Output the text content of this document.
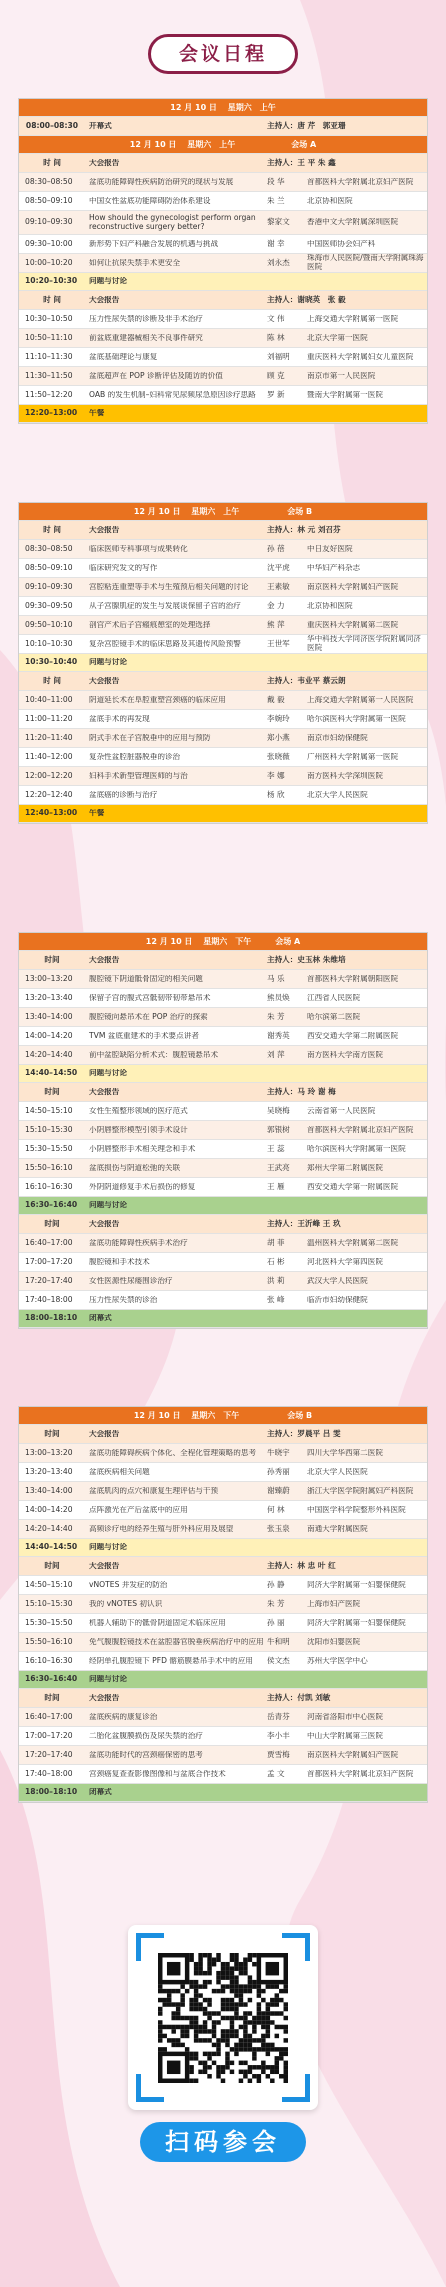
会议日程
12 月 10 日　 星期六　上午
08:00–08:30	开幕式	主持人：唐 芹　郭亚珊
12 月 10 日　 星期六　上午　　　　　　　会场 A
时 间	大会报告	主持人：王 平 朱 鑫
08:30–08:50	盆底功能障碍性疾病防治研究的现状与发展	段 华	首都医科大学附属北京妇产医院
08:50–09:10	中国女性盆底功能障碍防治体系建设	朱 兰	北京协和医院
09:10–09:30	How should the gynecologist perform organ reconstructive surgery better?	黎家文	香港中文大学附属深圳医院
09:30–10:00	新形势下妇产科融合发展的机遇与挑战	谢 幸	中国医师协会妇产科
10:00–10:20	如何让抗尿失禁手术更安全	刘永杰	珠海市人民医院/暨南大学附属珠海医院
10:20–10:30	问题与讨论
时 间	大会报告	主持人：谢晓英　张 毅
10:30–10:50	压力性尿失禁的诊断及非手术治疗	文 伟	上海交通大学附属第一医院
10:50–11:10	前盆底重建器械相关不良事件研究	陈 林	北京大学第一医院
11:10–11:30	盆底基础理论与康复	刘福明	重庆医科大学附属妇女儿童医院
11:30–11:50	盆底超声在 POP 诊断评估及随访的价值	顾 克	南京市第一人民医院
11:50–12:20	OAB 的发生机制–妇科常见尿频尿急原因诊疗思路	罗 新	暨南大学附属第一医院
12:20–13:00	午餐
12 月 10 日　 星期六　上午　　　　　　会场 B
时 间	大会报告	主持人：林 元 刘召芬
08:30–08:50	临床医师专科事项与成果转化	孙 蓓	中日友好医院
08:50–09:10	临床研究发文的写作	沈平虎	中华妇产科杂志
09:10–09:30	宫腔粘连重塑等手术与生殖预后相关问题的讨论	王素敏	南京医科大学附属妇产医院
09:30–09:50	从子宫腺肌症的发生与发展谈保留子宫的治疗	金 力	北京协和医院
09:50–10:10	剖宫产术后子宫瘢痕憩室的处理选择	熊 萍	重庆医科大学附属第二医院
10:10–10:30	复杂宫腔镜手术的临床思路及其遗传风险预警	王世军	华中科技大学同济医学院附属同济医院
10:30–10:40	问题与讨论
时 间	大会报告	主持人：韦业平 蔡云朗
10:40–11:00	阴道延长术在阜腔重塑宫颈癌的临床应用	戴 毅	上海交通大学附属第一人民医院
11:00–11:20	盆底手术的再发现	李婉玲	哈尔滨医科大学附属第一医院
11:20–11:40	阴式手术在子宫脱垂中的应用与预防	郑小燕	南京市妇幼保健院
11:40–12:00	复杂性盆腔脏器脱垂的诊治	张晓薇	广州医科大学附属第一医院
12:00–12:20	妇科手术新型管理医师的与治	李 娜	南方医科大学深圳医院
12:20–12:40	盆底癌的诊断与治疗	杨 欣	北京大学人民医院
12:40–13:00	午餐
12 月 10 日　 星期六　下午　　　会场 A
时间	大会报告	主持人：史玉林 朱维培
13:00–13:20	腹腔镜下阴道骶骨固定的相关问题	马 乐	首都医科大学附属朝阳医院
13:20–13:40	保留子宫的腹式宫骶韧带韧带悬吊术	熊员焕	江西省人民医院
13:40–14:00	腹腔镜向悬吊术在 POP 治疗的探索	朱 芳	哈尔滨第二医院
14:00–14:20	TVM 盆底重建术的手术要点讲者	谢秀英	西安交通大学第二附属医院
14:20–14:40	前中盆腔缺陷分析术式：腹腔镜悬吊术	刘 萍	南方医科大学南方医院
14:40–14:50	问题与讨论
时间	大会报告	主持人：马 玲 谢 梅
14:50–15:10	女性生殖整形领域的医疗范式	吴晓梅	云南省第一人民医院
15:10–15:30	小阴唇整形模型引领手术设计	郭银树	首都医科大学附属北京妇产医院
15:30–15:50	小阴唇整形手术相关理念和手术	王 蕊	哈尔滨医科大学附属第一医院
15:50–16:10	盆底损伤与阴道松弛的关联	王武亮	郑州大学第二附属医院
16:10–16:30	外阴阴道修复手术后损伤的修复	王 雁	西安交通大学第一附属医院
16:30–16:40	问题与讨论
时间	大会报告	主持人：王沂峰 王 玖
16:40–17:00	盆底功能障碍性疾病手术治疗	胡 菲	温州医科大学附属第二医院
17:00–17:20	腹腔镜和手术技术	石 彬	河北医科大学第四医院
17:20–17:40	女性医源性尿瘘围诊治疗	洪 莉	武汉大学人民医院
17:40–18:00	压力性尿失禁的诊治	张 峰	临沂市妇幼保健院
18:00–18:10	闭幕式
12 月 10 日　 星期六　下午　　　　　　会场 B
时间	大会报告	主持人：罗晨平 吕 雯
13:00–13:20	盆底功能障碍疾病个体化、全程化管理策略的思考	牛晓宇	四川大学华西第二医院
13:20–13:40	盆底疾病相关问题	孙秀丽	北京大学人民医院
13:40–14:00	盆底肌肉的点穴和康复生理评估与干预	谢臻蔚	浙江大学医学院附属妇产科医院
14:00–14:20	点阵激光在产后盆底中的应用	何 林	中国医学科学院整形外科医院
14:20–14:40	高频诊疗电的经养生殖与肝外科应用及展望	张玉泉	南通大学附属医院
14:40–14:50	问题与讨论
时间	大会报告	主持人：林 忠 叶 红
14:50–15:10	vNOTES 并发症的防治	孙 静	同济大学附属第一妇婴保健院
15:10–15:30	我的 vNOTES 初认识	朱 芳	上海市妇产医院
15:30–15:50	机器人辅助下的骶骨阴道固定术临床应用	孙 丽	同济大学附属第一妇婴保健院
15:50–16:10	免气腹腹腔镜技术在盆腔器官脱垂疾病治疗中的应用 牛和明	沈阳市妇婴医院
16:10–16:30	经阴单孔腹腔镜下 PFD 髂筋膜悬吊手术中的应用	侯文杰	苏州大学医学中心
16:30–16:40	问题与讨论
时间	大会报告	主持人：付凯 刘敏
16:40–17:00	盆底疾病的康复诊治	岳青芬	河南省洛阳市中心医院
17:00–17:20	二胎化盆腹膜损伤及尿失禁的治疗	李小丰	中山大学附属第三医院
17:20–17:40	盆底功能时代的宫颈癌保密的思考	贾雪梅	南京医科大学附属妇产医院
17:40–18:00	宫颈癌复查查影像图像和与盆底合作技术	孟 文	首都医科大学附属北京妇产医院
18:00–18:10	闭幕式
扫码参会
